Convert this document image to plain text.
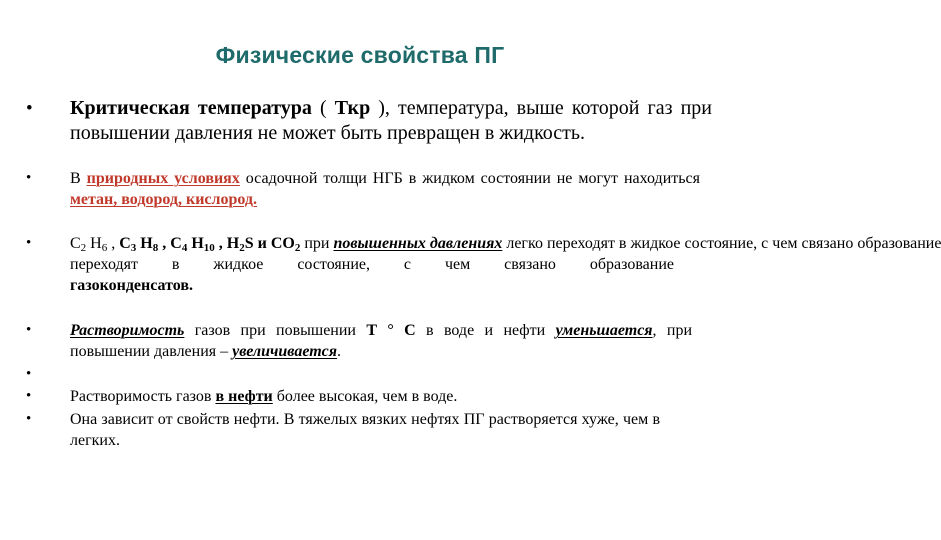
Физические свойства ПГ
• Критическая температура ( Ткр ), температура, выше которой газ при повышении давления не может быть превращен в жидкость.
• В природных условиях осадочной толщи НГБ в жидком состоянии не могут находиться метан, водород, кислород.
• $С_2$ $Н_6$ , $С_3$ $Н_8$ , $С_4$ $Н_{10}$ , $Н_2S$ и $СО_2$ при повышенных давлениях легко переходят в жидкое состояние, с чем связано образование
переходят в жидкое состояние, с чем связано образование
газоконденсатов.
• Растворимость газов при повышении Т ° С в воде и нефти уменьшается, при повышении давления – увеличивается.
•
• Растворимость газов в нефти более высокая, чем в воде.
• Она зависит от свойств нефти. В тяжелых вязких нефтях ПГ растворяется хуже, чем в легких.
